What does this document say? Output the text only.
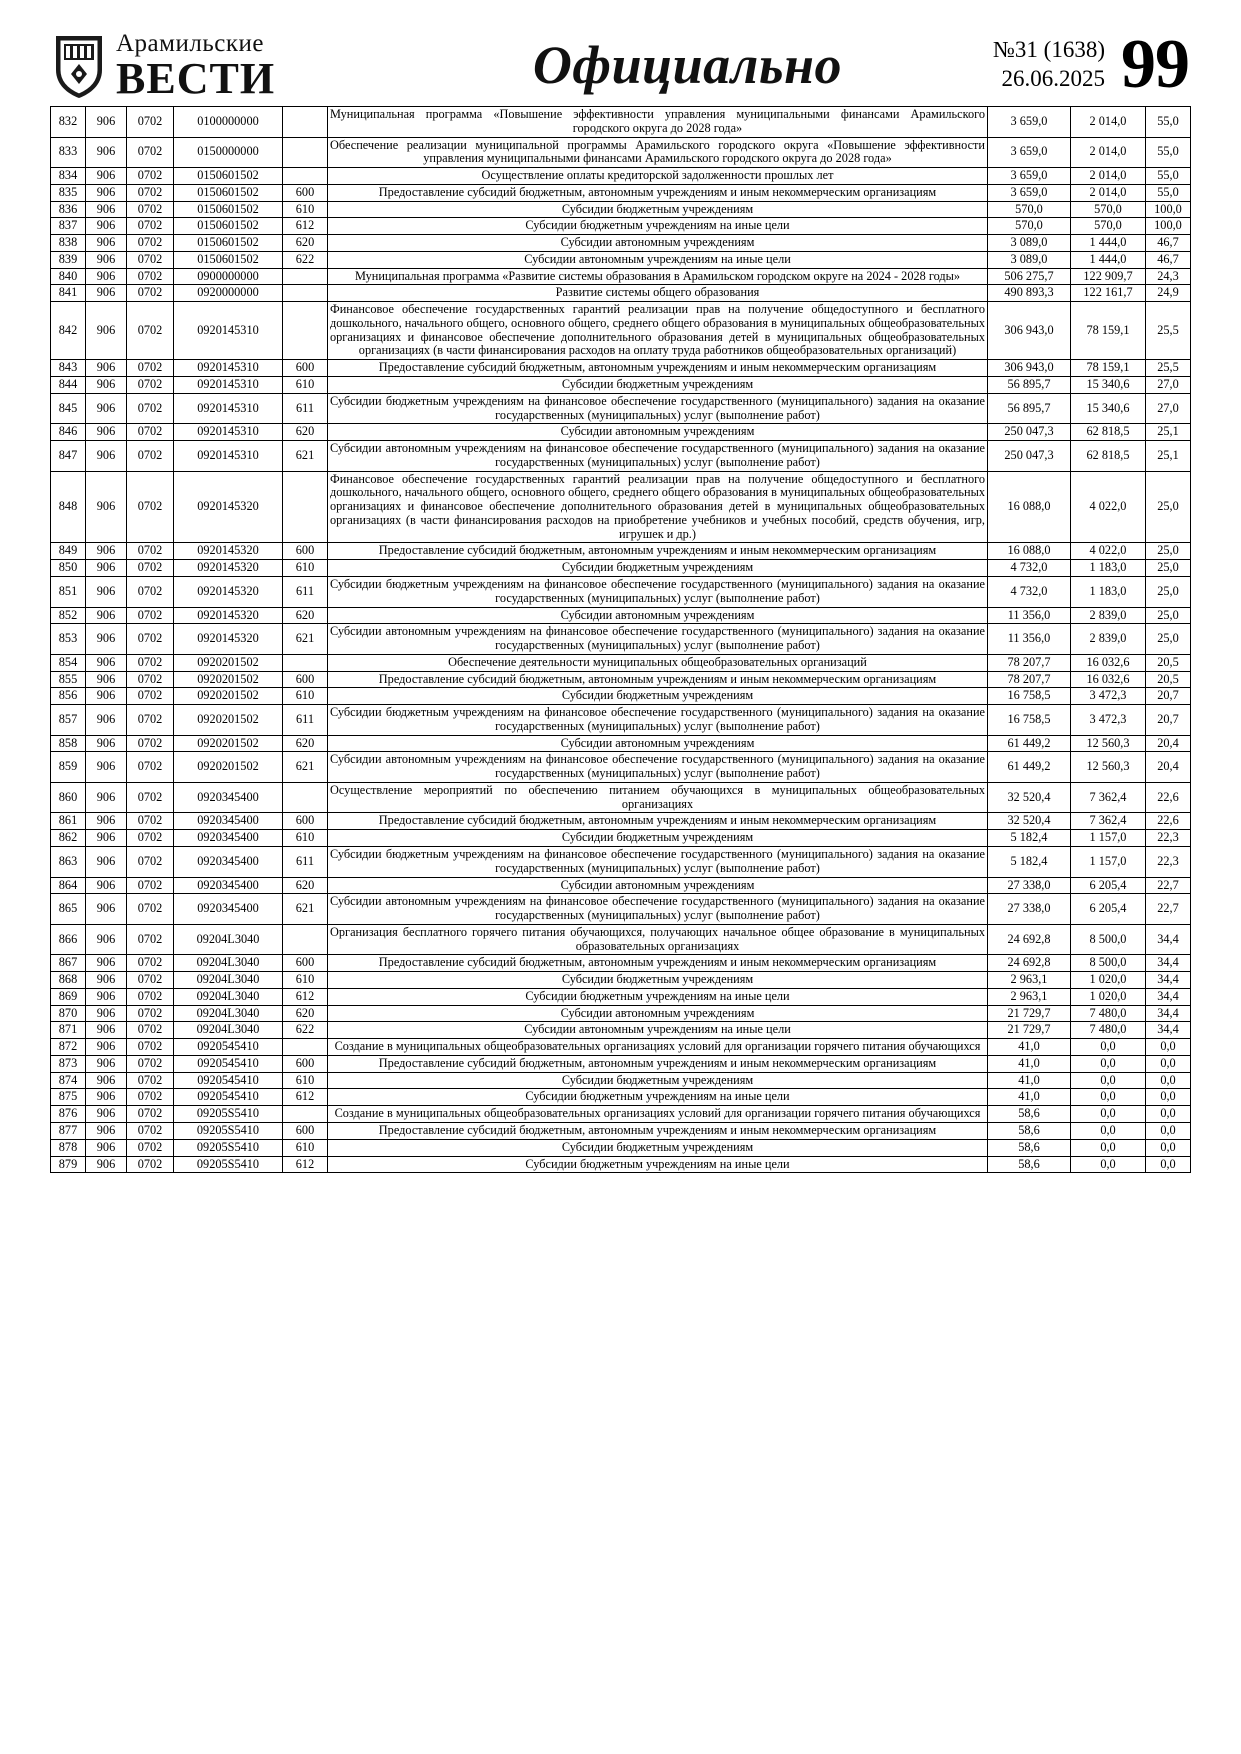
Арамильские
ВЕСТИ	Официально	№31 (1638)
26.06.2025 99
832	906	0702	0100000000		Муниципальная программа «Повышение эффективности управления муниципальными финансами Арамильского городского округа до 2028 года»	3 659,0	2 014,0	55,0
833	906	0702	0150000000		Обеспечение реализации муниципальной программы Арамильского городского округа «Повышение эффективности управления муниципальными финансами Арамильского городского округа до 2028 года»	3 659,0	2 014,0	55,0
834	906	0702	0150601502		Осуществление оплаты кредиторской задолженности прошлых лет	3 659,0	2 014,0	55,0
835	906	0702	0150601502	600	Предоставление субсидий бюджетным, автономным учреждениям и иным некоммерческим организациям	3 659,0	2 014,0	55,0
836	906	0702	0150601502	610	Субсидии бюджетным учреждениям	570,0	570,0	100,0
837	906	0702	0150601502	612	Субсидии бюджетным учреждениям на иные цели	570,0	570,0	100,0
838	906	0702	0150601502	620	Субсидии автономным учреждениям	3 089,0	1 444,0	46,7
839	906	0702	0150601502	622	Субсидии автономным учреждениям на иные цели	3 089,0	1 444,0	46,7
840	906	0702	0900000000		Муниципальная программа «Развитие системы образования в Арамильском городском округе на 2024 - 2028 годы»	506 275,7	122 909,7	24,3
841	906	0702	0920000000		Развитие системы общего образования	490 893,3	122 161,7	24,9
842	906	0702	0920145310		Финансовое обеспечение государственных гарантий реализации прав на получение общедоступного и бесплатного дошкольного, начального общего, основного общего, среднего общего образования в муниципальных общеобразовательных организациях и финансовое обеспечение дополнительного образования детей в муниципальных общеобразовательных организациях (в части финансирования расходов на оплату труда работников общеобразовательных организаций)	306 943,0	78 159,1	25,5
843	906	0702	0920145310	600	Предоставление субсидий бюджетным, автономным учреждениям и иным некоммерческим организациям	306 943,0	78 159,1	25,5
844	906	0702	0920145310	610	Субсидии бюджетным учреждениям	56 895,7	15 340,6	27,0
845	906	0702	0920145310	611	Субсидии бюджетным учреждениям на финансовое обеспечение государственного (муниципального) задания на оказание государственных (муниципальных) услуг (выполнение работ)	56 895,7	15 340,6	27,0
846	906	0702	0920145310	620	Субсидии автономным учреждениям	250 047,3	62 818,5	25,1
847	906	0702	0920145310	621	Субсидии автономным учреждениям на финансовое обеспечение государственного (муниципального) задания на оказание государственных (муниципальных) услуг (выполнение работ)	250 047,3	62 818,5	25,1
848	906	0702	0920145320		Финансовое обеспечение государственных гарантий реализации прав на получение общедоступного и бесплатного дошкольного, начального общего, основного общего, среднего общего образования в муниципальных общеобразовательных организациях и финансовое обеспечение дополнительного образования детей в муниципальных общеобразовательных организациях (в части финансирования расходов на приобретение учебников и учебных пособий, средств обучения, игр, игрушек и др.)	16 088,0	4 022,0	25,0
849	906	0702	0920145320	600	Предоставление субсидий бюджетным, автономным учреждениям и иным некоммерческим организациям	16 088,0	4 022,0	25,0
850	906	0702	0920145320	610	Субсидии бюджетным учреждениям	4 732,0	1 183,0	25,0
851	906	0702	0920145320	611	Субсидии бюджетным учреждениям на финансовое обеспечение государственного (муниципального) задания на оказание государственных (муниципальных) услуг (выполнение работ)	4 732,0	1 183,0	25,0
852	906	0702	0920145320	620	Субсидии автономным учреждениям	11 356,0	2 839,0	25,0
853	906	0702	0920145320	621	Субсидии автономным учреждениям на финансовое обеспечение государственного (муниципального) задания на оказание государственных (муниципальных) услуг (выполнение работ)	11 356,0	2 839,0	25,0
854	906	0702	0920201502		Обеспечение деятельности муниципальных общеобразовательных организаций	78 207,7	16 032,6	20,5
855	906	0702	0920201502	600	Предоставление субсидий бюджетным, автономным учреждениям и иным некоммерческим организациям	78 207,7	16 032,6	20,5
856	906	0702	0920201502	610	Субсидии бюджетным учреждениям	16 758,5	3 472,3	20,7
857	906	0702	0920201502	611	Субсидии бюджетным учреждениям на финансовое обеспечение государственного (муниципального) задания на оказание государственных (муниципальных) услуг (выполнение работ)	16 758,5	3 472,3	20,7
858	906	0702	0920201502	620	Субсидии автономным учреждениям	61 449,2	12 560,3	20,4
859	906	0702	0920201502	621	Субсидии автономным учреждениям на финансовое обеспечение государственного (муниципального) задания на оказание государственных (муниципальных) услуг (выполнение работ)	61 449,2	12 560,3	20,4
860	906	0702	0920345400		Осуществление мероприятий по обеспечению питанием обучающихся в муниципальных общеобразовательных организациях	32 520,4	7 362,4	22,6
861	906	0702	0920345400	600	Предоставление субсидий бюджетным, автономным учреждениям и иным некоммерческим организациям	32 520,4	7 362,4	22,6
862	906	0702	0920345400	610	Субсидии бюджетным учреждениям	5 182,4	1 157,0	22,3
863	906	0702	0920345400	611	Субсидии бюджетным учреждениям на финансовое обеспечение государственного (муниципального) задания на оказание государственных (муниципальных) услуг (выполнение работ)	5 182,4	1 157,0	22,3
864	906	0702	0920345400	620	Субсидии автономным учреждениям	27 338,0	6 205,4	22,7
865	906	0702	0920345400	621	Субсидии автономным учреждениям на финансовое обеспечение государственного (муниципального) задания на оказание государственных (муниципальных) услуг (выполнение работ)	27 338,0	6 205,4	22,7
866	906	0702	09204L3040		Организация бесплатного горячего питания обучающихся, получающих начальное общее образование в муниципальных образовательных организациях	24 692,8	8 500,0	34,4
867	906	0702	09204L3040	600	Предоставление субсидий бюджетным, автономным учреждениям и иным некоммерческим организациям	24 692,8	8 500,0	34,4
868	906	0702	09204L3040	610	Субсидии бюджетным учреждениям	2 963,1	1 020,0	34,4
869	906	0702	09204L3040	612	Субсидии бюджетным учреждениям на иные цели	2 963,1	1 020,0	34,4
870	906	0702	09204L3040	620	Субсидии автономным учреждениям	21 729,7	7 480,0	34,4
871	906	0702	09204L3040	622	Субсидии автономным учреждениям на иные цели	21 729,7	7 480,0	34,4
872	906	0702	0920545410		Создание в муниципальных общеобразовательных организациях условий для организации горячего питания обучающихся	41,0	0,0	0,0
873	906	0702	0920545410	600	Предоставление субсидий бюджетным, автономным учреждениям и иным некоммерческим организациям	41,0	0,0	0,0
874	906	0702	0920545410	610	Субсидии бюджетным учреждениям	41,0	0,0	0,0
875	906	0702	0920545410	612	Субсидии бюджетным учреждениям на иные цели	41,0	0,0	0,0
876	906	0702	09205S5410		Создание в муниципальных общеобразовательных организациях условий для организации горячего питания обучающихся	58,6	0,0	0,0
877	906	0702	09205S5410	600	Предоставление субсидий бюджетным, автономным учреждениям и иным некоммерческим организациям	58,6	0,0	0,0
878	906	0702	09205S5410	610	Субсидии бюджетным учреждениям	58,6	0,0	0,0
879	906	0702	09205S5410	612	Субсидии бюджетным учреждениям на иные цели	58,6	0,0	0,0
